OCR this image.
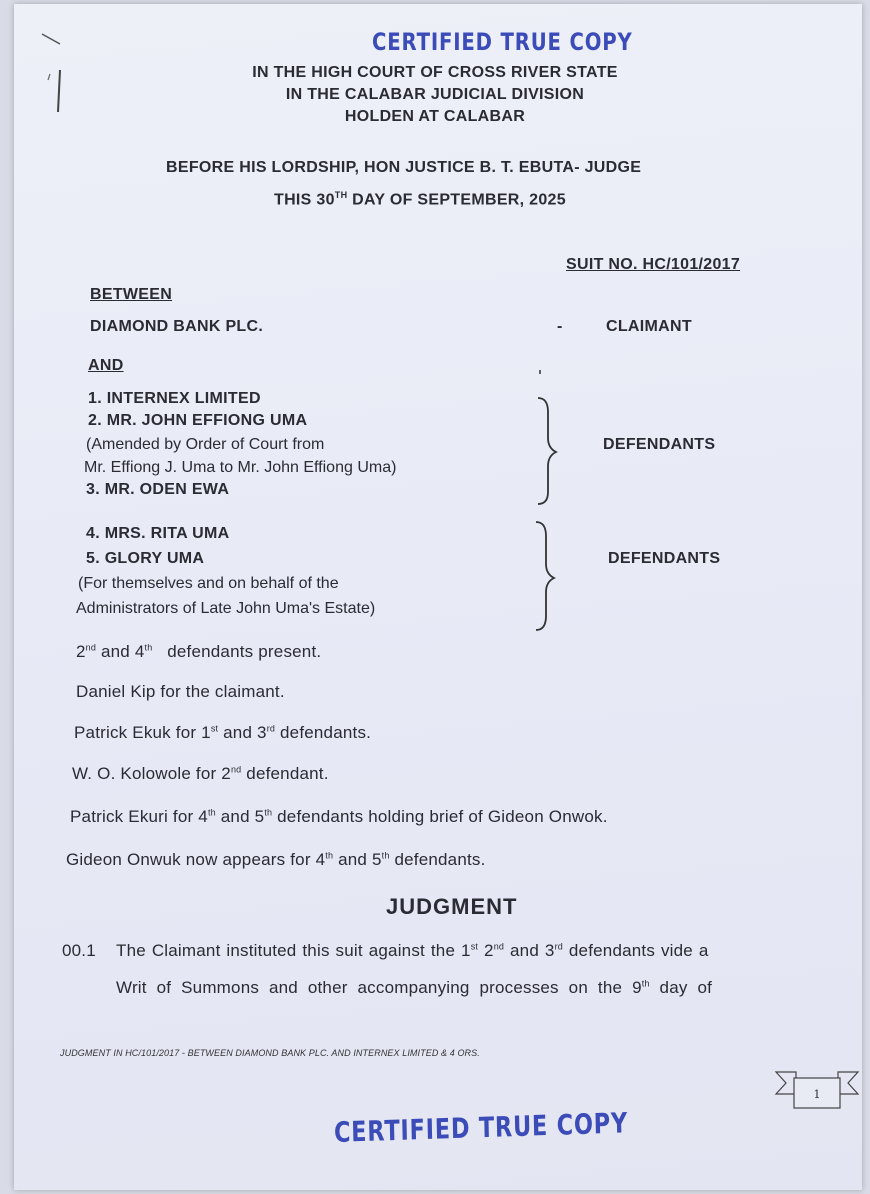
CERTIFIED TRUE COPY
IN THE HIGH COURT OF CROSS RIVER STATE
IN THE CALABAR JUDICIAL DIVISION
HOLDEN AT CALABAR
BEFORE HIS LORDSHIP, HON JUSTICE B. T. EBUTA- JUDGE
THIS 30TH DAY OF SEPTEMBER, 2025
SUIT NO. HC/101/2017
BETWEEN
DIAMOND BANK PLC.	-	CLAIMANT
AND
1. INTERNEX LIMITED
2. MR. JOHN EFFIONG UMA
(Amended by Order of Court from
Mr. Effiong J. Uma to Mr. John Effiong Uma)
3. MR. ODEN EWA
DEFENDANTS
4. MRS. RITA UMA
5. GLORY UMA
(For themselves and on behalf of the
Administrators of Late John Uma's Estate)
DEFENDANTS
2nd and 4th   defendants present.
Daniel Kip for the claimant.
Patrick Ekuk for 1st and 3rd defendants.
W. O. Kolowole for 2nd defendant.
Patrick Ekuri for 4th and 5th defendants holding brief of Gideon Onwok.
Gideon Onwuk now appears for 4th and 5th defendants.
JUDGMENT
00.1 The Claimant instituted this suit against the 1st 2nd and 3rd defendants vide a
Writ of Summons and other accompanying processes on the 9th day of
JUDGMENT IN HC/101/2017 - BETWEEN DIAMOND BANK PLC. AND INTERNEX LIMITED & 4 ORS.
1
CERTIFIED TRUE COPY
